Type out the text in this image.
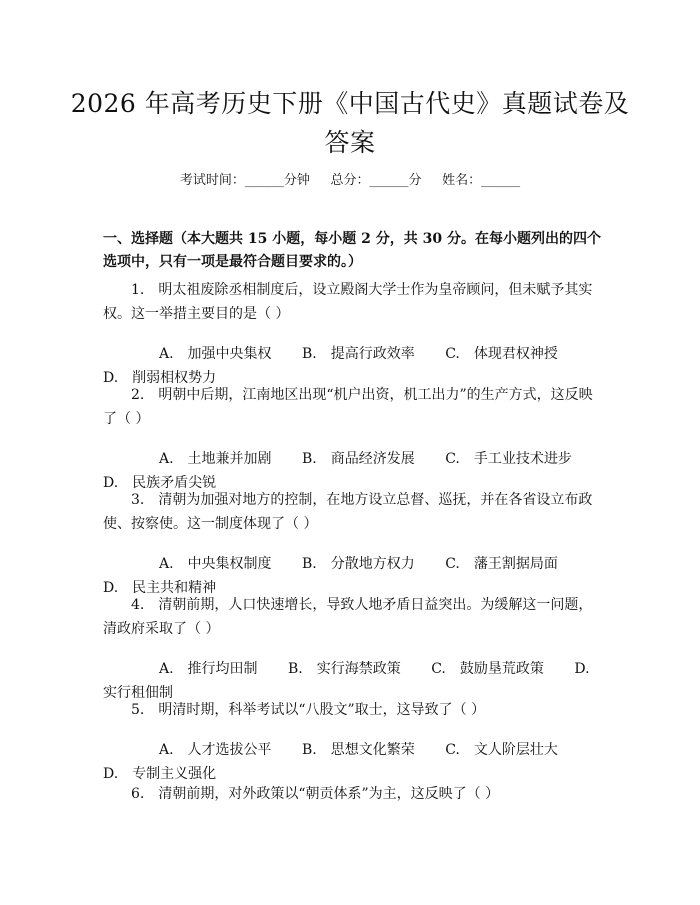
2026 年高考历史下册《中国古代史》真题试卷及答案
考试时间：______分钟     总分：______分     姓名：______
一、选择题（本大题共 15 小题，每小题 2 分，共 30 分。在每小题列出的四个选项中，只有一项是最符合题目要求的。）
1.　明太祖废除丞相制度后，设立殿阁大学士作为皇帝顾问，但未赋予其实权。这一举措主要目的是（ ）
A.　加强中央集权 B.　提高行政效率 C.　体现君权神授 D.　削弱相权势力
2.　明朝中后期，江南地区出现“机户出资，机工出力”的生产方式，这反映了（ ）
A.　土地兼并加剧 B.　商品经济发展 C.　手工业技术进步 D.　民族矛盾尖锐
3.　清朝为加强对地方的控制，在地方设立总督、巡抚，并在各省设立布政使、按察使。这一制度体现了（ ）
A.　中央集权制度 B.　分散地方权力 C.　藩王割据局面 D.　民主共和精神
4.　清朝前期，人口快速增长，导致人地矛盾日益突出。为缓解这一问题，清政府采取了（ ）
A.　推行均田制 B.　实行海禁政策 C.　鼓励垦荒政策 D.　实行租佃制
5.　明清时期，科举考试以“八股文”取士，这导致了（ ）
A.　人才选拔公平 B.　思想文化繁荣 C.　文人阶层壮大 D.　专制主义强化
6.　清朝前期，对外政策以“朝贡体系”为主，这反映了（ ）
